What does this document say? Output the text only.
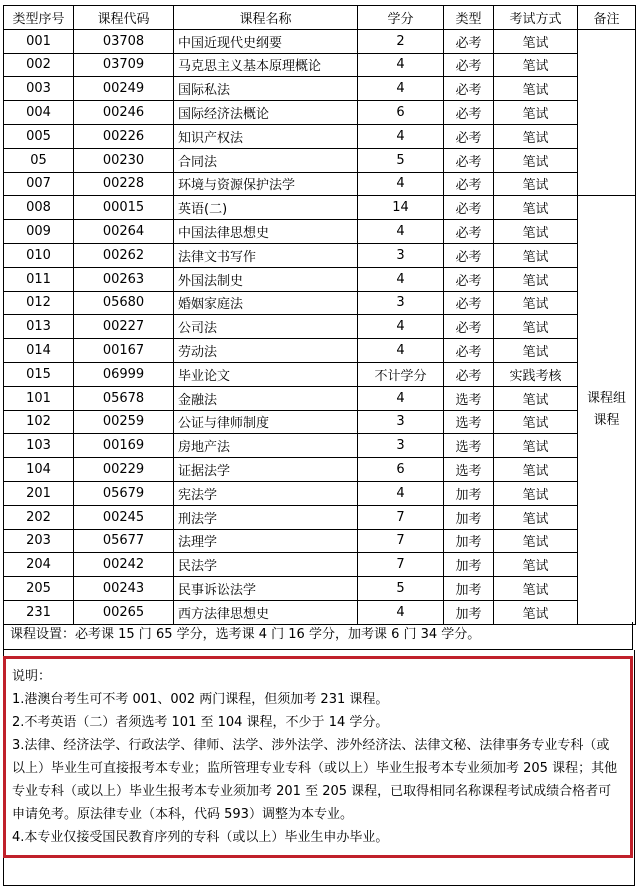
类型序号	课程代码	课程名称	学分	类型	考试方式	备注
001	03708	中国近现代史纲要	2	必考	笔试	
002	03709	马克思主义基本原理概论	4	必考	笔试	
003	00249	国际私法	4	必考	笔试	
004	00246	国际经济法概论	6	必考	笔试	
005	00226	知识产权法	4	必考	笔试	
05	00230	合同法	5	必考	笔试	
007	00228	环境与资源保护法学	4	必考	笔试	
008	00015	英语(二)	14	必考	笔试	课程组
课程
009	00264	中国法律思想史	4	必考	笔试	
010	00262	法律文书写作	3	必考	笔试	
011	00263	外国法制史	4	必考	笔试	
012	05680	婚姻家庭法	3	必考	笔试	
013	00227	公司法	4	必考	笔试	
014	00167	劳动法	4	必考	笔试	
015	06999	毕业论文	不计学分	必考	实践考核	
101	05678	金融法	4	选考	笔试	
102	00259	公证与律师制度	3	选考	笔试	
103	00169	房地产法	3	选考	笔试	
104	00229	证据法学	6	选考	笔试	
201	05679	宪法学	4	加考	笔试	
202	00245	刑法学	7	加考	笔试	
203	05677	法理学	7	加考	笔试	
204	00242	民法学	7	加考	笔试	
205	00243	民事诉讼法学	5	加考	笔试	
231	00265	西方法律思想史	4	加考	笔试	
课程设置：必考课 15 门 65 学分，选考课 4 门 16 学分，加考课 6 门 34 学分。
说明：
1.港澳台考生可不考 001、002 两门课程，但须加考 231 课程。
2.不考英语（二）者须选考 101 至 104 课程，不少于 14 学分。
3.法律、经济法学、行政法学、律师、法学、涉外法学、涉外经济法、法律文秘、法律事务专业专科（或以上）毕业生可直接报考本专业；监所管理专业专科（或以上）毕业生报考本专业须加考 205 课程；其他专业专科（或以上）毕业生报考本专业须加考 201 至 205 课程，已取得相同名称课程考试成绩合格者可申请免考。原法律专业（本科，代码 593）调整为本专业。
4.本专业仅接受国民教育序列的专科（或以上）毕业生申办毕业。
